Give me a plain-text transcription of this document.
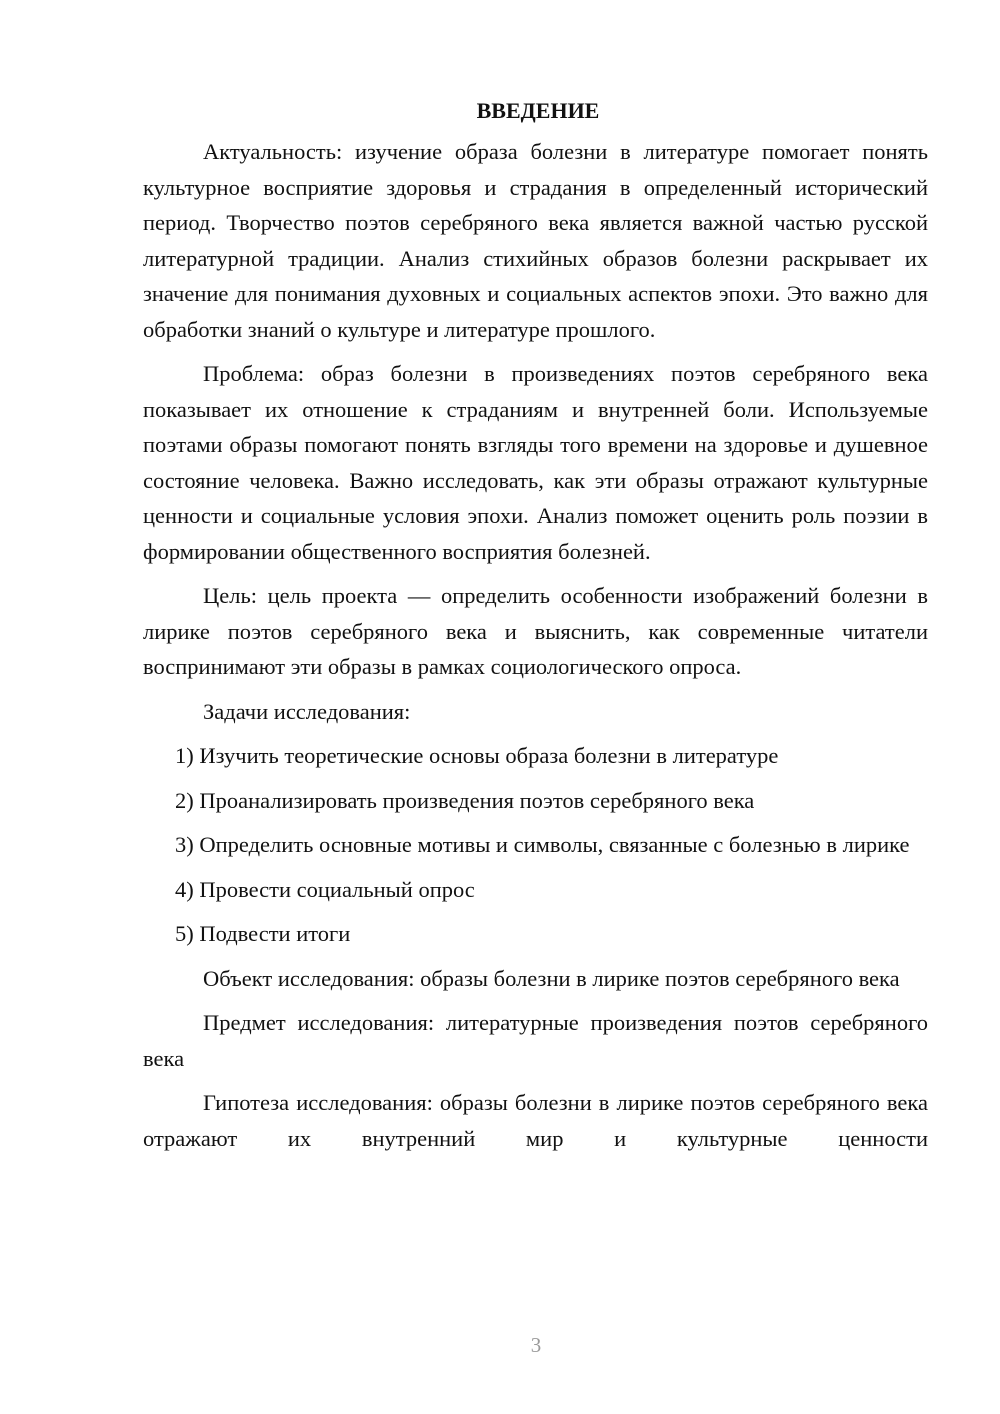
ВВЕДЕНИЕ

Актуальность: изучение образа болезни в литературе помогает понять культурное восприятие здоровья и страдания в определенный исторический период. Творчество поэтов серебряного века является важной частью русской литературной традиции. Анализ стихийных образов болезни раскрывает их значение для понимания духовных и социальных аспектов эпохи. Это важно для обработки знаний о культуре и литературе прошлого.

Проблема: образ болезни в произведениях поэтов серебряного века показывает их отношение к страданиям и внутренней боли. Используемые поэтами образы помогают понять взгляды того времени на здоровье и душевное состояние человека. Важно исследовать, как эти образы отражают культурные ценности и социальные условия эпохи. Анализ поможет оценить роль поэзии в формировании общественного восприятия болезней.

Цель: цель проекта — определить особенности изображений болезни в лирике поэтов серебряного века и выяснить, как современные читатели воспринимают эти образы в рамках социологического опроса.

Задачи исследования:

1) Изучить теоретические основы образа болезни в литературе

2) Проанализировать произведения поэтов серебряного века

3) Определить основные мотивы и символы, связанные с болезнью в лирике

4) Провести социальный опрос

5) Подвести итоги

Объект исследования: образы болезни в лирике поэтов серебряного века

Предмет исследования: литературные произведения поэтов серебряного века

Гипотеза исследования: образы болезни в лирике поэтов серебряного века отражают их внутренний мир и культурные ценности

3
